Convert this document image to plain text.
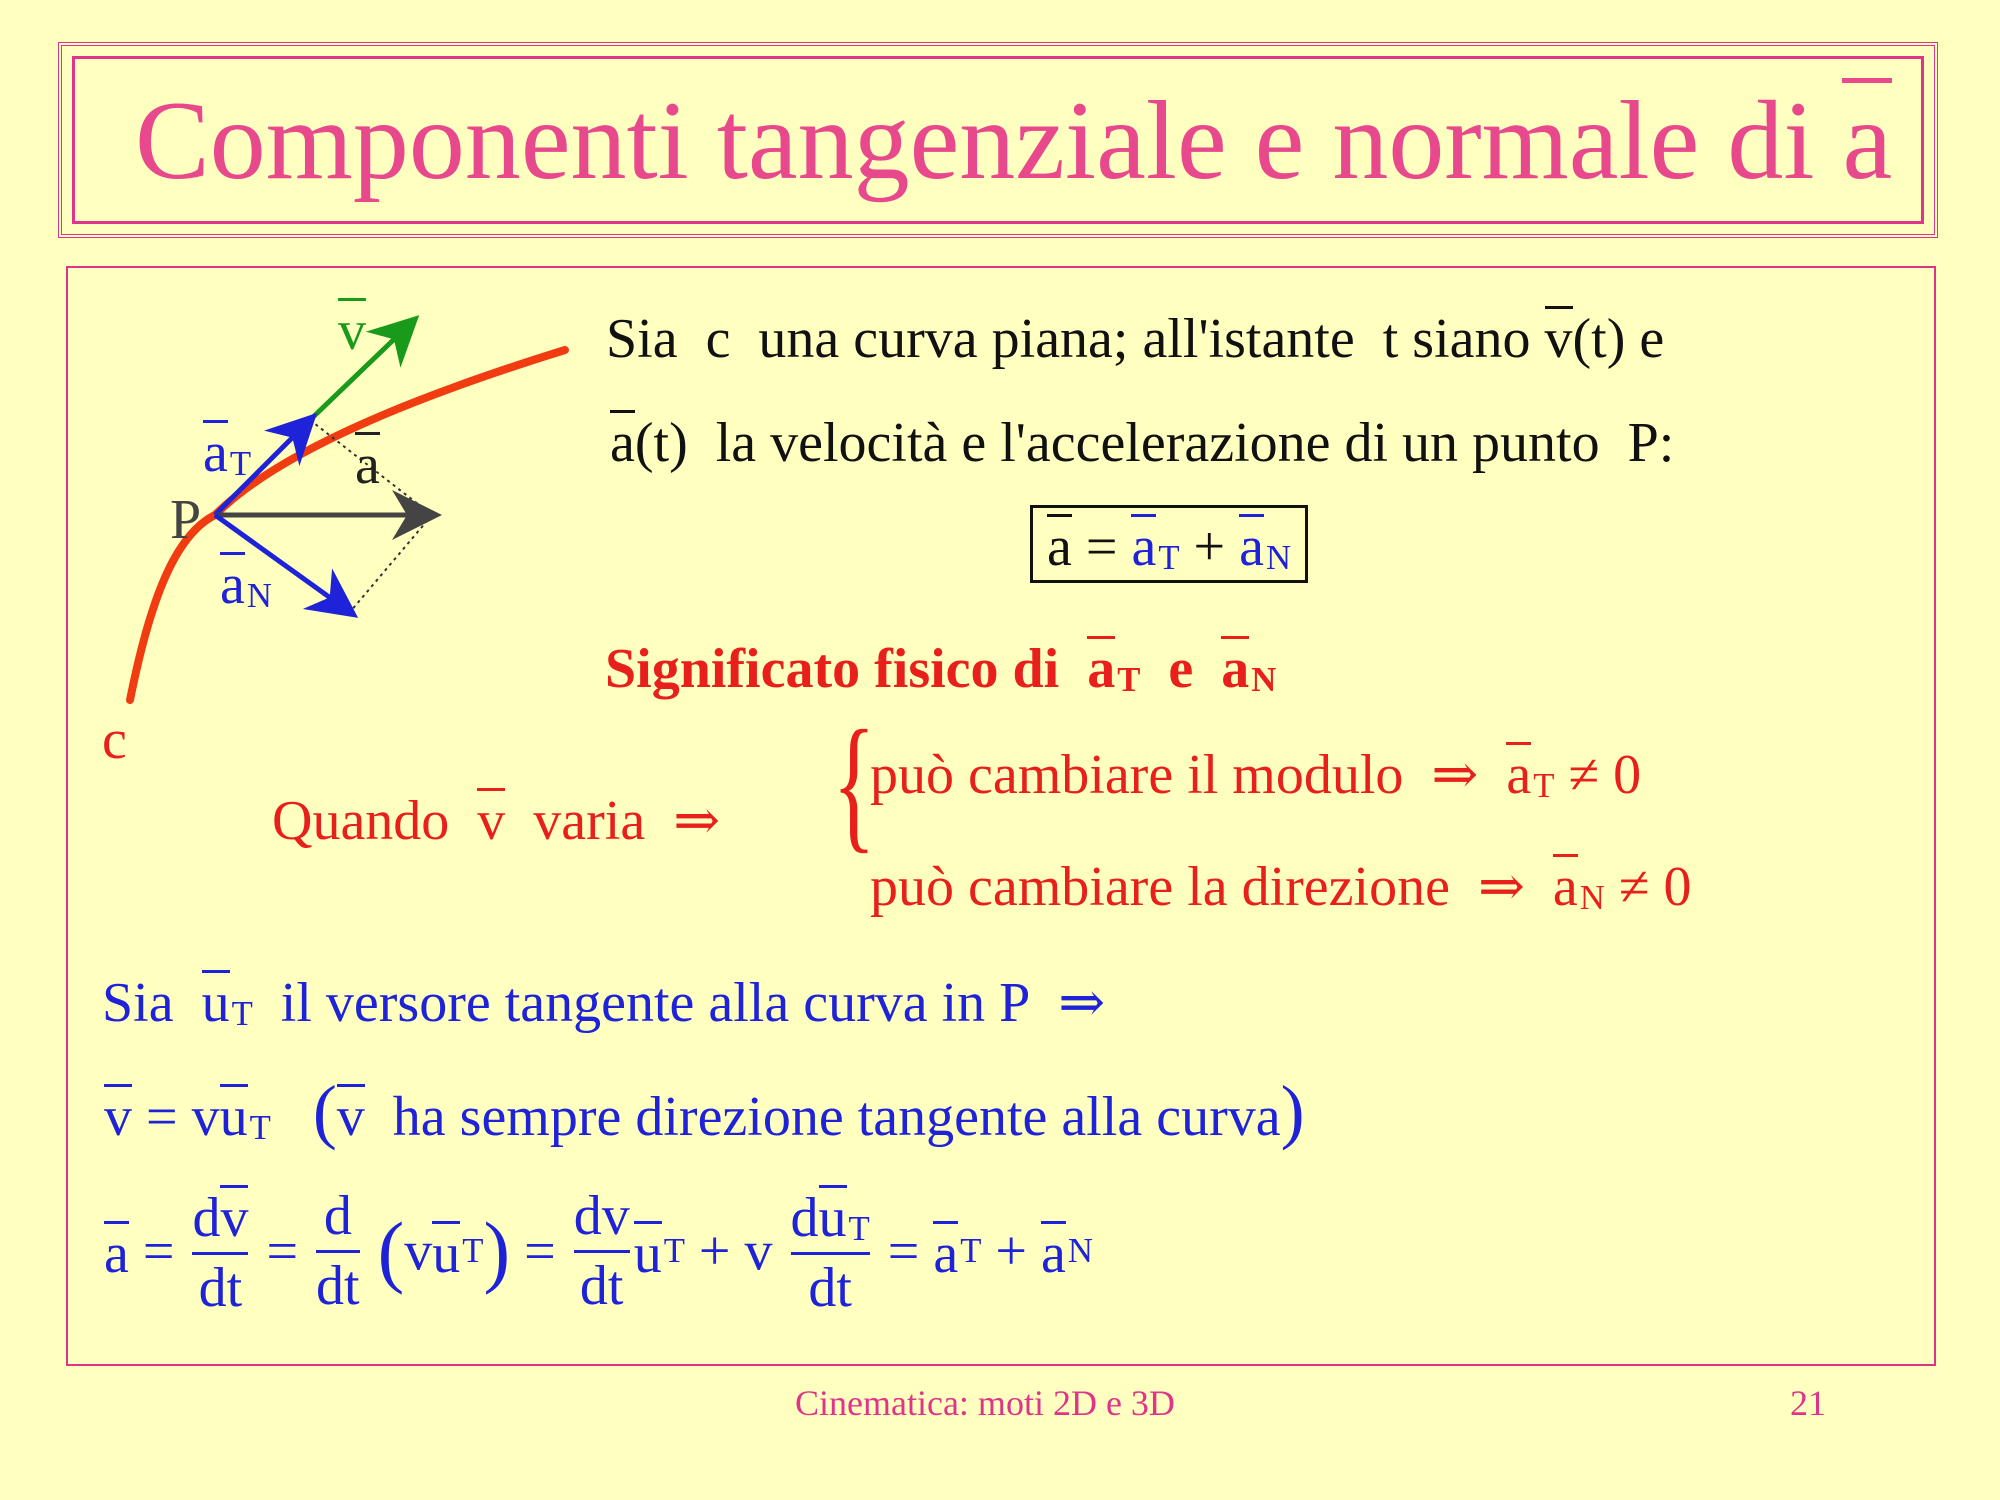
Componenti tangenziale e normale di a
v
aT a
P
aN
c
Sia c una curva piana; all'istante t siano v(t) e
a(t) la velocità e l'accelerazione di un punto P:
a = aT + aN
Significato fisico di aT e aN
Quando v varia ⇒ {
può cambiare il modulo ⇒ aT ≠ 0
può cambiare la direzione ⇒ aN ≠ 0
Sia uT il versore tangente alla curva in P ⇒
v = vuT (v ha sempre direzione tangente alla curva)
$a = \frac{dv}{dt} = \frac{d}{dt} (vuT) = \frac{dv}{dt}$ uT + v $\frac{\text{duT}}{dt}$ = aT + aN
Cinematica: moti 2D e 3D	21
